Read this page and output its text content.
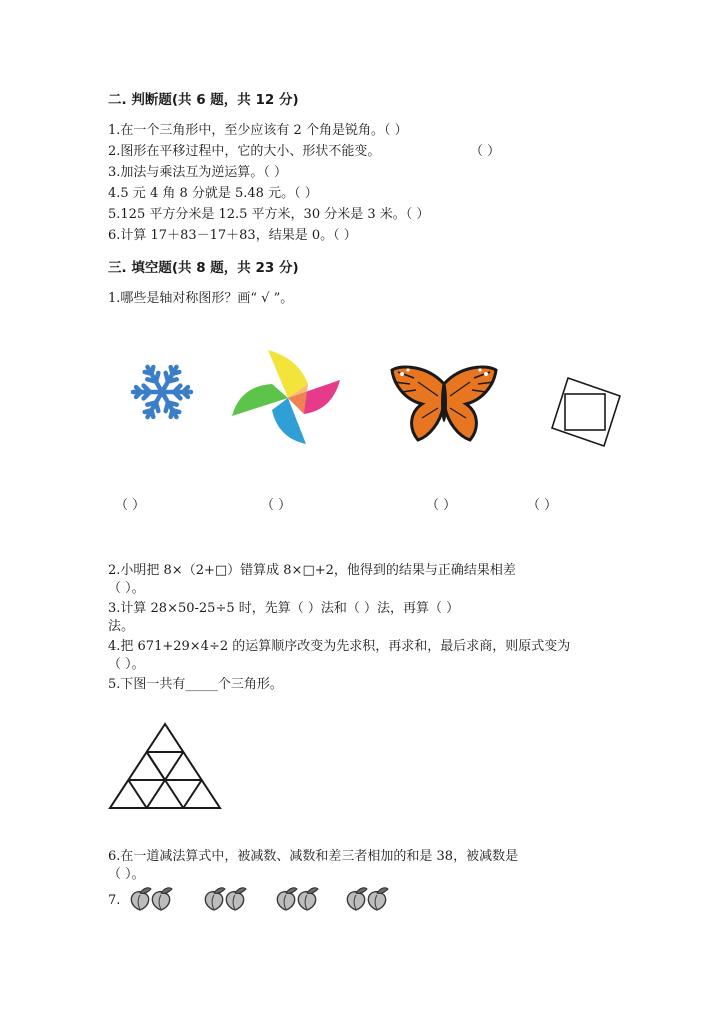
二. 判断题(共 6 题，共 12 分)
1.在一个三角形中，至少应该有 2 个角是锐角。（ ）
2.图形在平移过程中，它的大小、形状不能变。	（ ）
3.加法与乘法互为逆运算。（ ）
4.5 元 4 角 8 分就是 5.48 元。（ ）
5.125 平方分米是 12.5 平方米，30 分米是 3 米。（ ）
6.计算 17＋83－17＋83，结果是 0。（ ）
三. 填空题(共 8 题，共 23 分)
1.哪些是轴对称图形？画“ √ ”。
（ ）	（ ）	（ ）	（ ）
2.小明把 8×（2+□）错算成 8×□+2，他得到的结果与正确结果相差
（ ）。
3.计算 28×50-25÷5 时，先算（ ）法和（ ）法，再算（ ）
法。
4.把 671+29×4÷2 的运算顺序改变为先求积，再求和，最后求商，则原式变为
（ ）。
5.下图一共有_____个三角形。
6.在一道减法算式中，被减数、减数和差三者相加的和是 38，被减数是
（ ）。
7.
